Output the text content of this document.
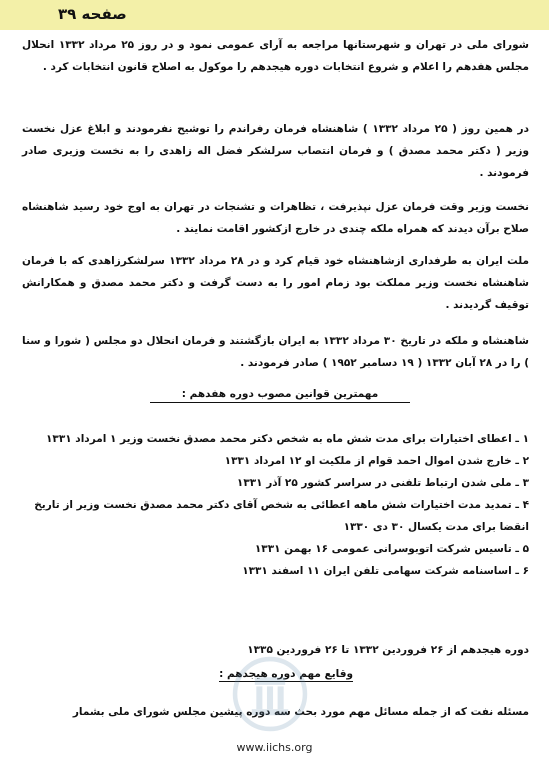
صفحه ۳۹
شورای ملی در تهران و شهرستانها مراجعه به آرای عمومی نمود و در روز ۲۵ مرداد ۱۳۳۲ انحلال مجلس هفدهم را اعلام و شروع انتخابات دوره هیجدهم را موکول به اصلاح قانون انتخابات کرد .
در همین روز ( ۲۵ مرداد ۱۳۳۲ ) شاهنشاه فرمان رفراندم را توشیح نفرمودند و ابلاغ عزل نخست وزیر ( دکتر محمد مصدق ) و فرمان انتصاب سرلشکر فضل اله زاهدی را به نخست وزیری صادر فرمودند .
نخست وزیر وقت فرمان عزل نپذیرفت ، تظاهرات و تشنجات در تهران به اوج خود رسید شاهنشاه صلاح برآن دیدند که همراه ملکه چندی در خارج ازکشور اقامت نمایند .
ملت ایران به طرفداری ازشاهنشاه خود قیام کرد و در ۲۸ مرداد ۱۳۳۲ سرلشکرزاهدی که با فرمان شاهنشاه نخست وزیر مملکت بود زمام امور را به دست گرفت و دکتر محمد مصدق و همکارانش توقیف گردیدند .
شاهنشاه و ملکه در تاریخ ۳۰ مرداد ۱۳۳۲ به ایران بازگشتند و فرمان انحلال دو مجلس ( شورا و سنا ) را در ۲۸ آبان ۱۳۳۲ ( ۱۹ دسامبر ۱۹۵۲ ) صادر فرمودند .
مهمترین قوانین مصوب دوره هفدهم :
۱ ـ اعطای اختیارات برای مدت شش ماه به شخص دکتر محمد مصدق نخست وزیر ۱ امرداد ۱۳۳۱
۲ ـ خارج شدن اموال احمد قوام از ملکیت او ۱۲ امرداد ۱۳۳۱
۳ ـ ملی شدن ارتباط تلفنی در سراسر کشور ۲۵ آذر ۱۳۳۱
۴ ـ تمدید مدت اختیارات شش ماهه اعطائی به شخص آقای دکتر محمد مصدق نخست وزیر از تاریخ انقضا برای مدت یکسال ۳۰ دی ۱۳۳۰
۵ ـ تاسیس شرکت اتوبوسرانی عمومی ۱۶ بهمن ۱۳۳۱
۶ ـ اساسنامه شرکت سهامی تلفن ایران ۱۱ اسفند ۱۳۳۱
دوره هیجدهم از ۲۶ فروردین ۱۳۳۲ تا ۲۶ فروردین ۱۳۳۵
وقایع مهم دوره هیجدهم :
مسئله نفت که از جمله مسائل مهم مورد بحث سه دوره پیشین مجلس شورای ملی بشمار
www.iichs.org
